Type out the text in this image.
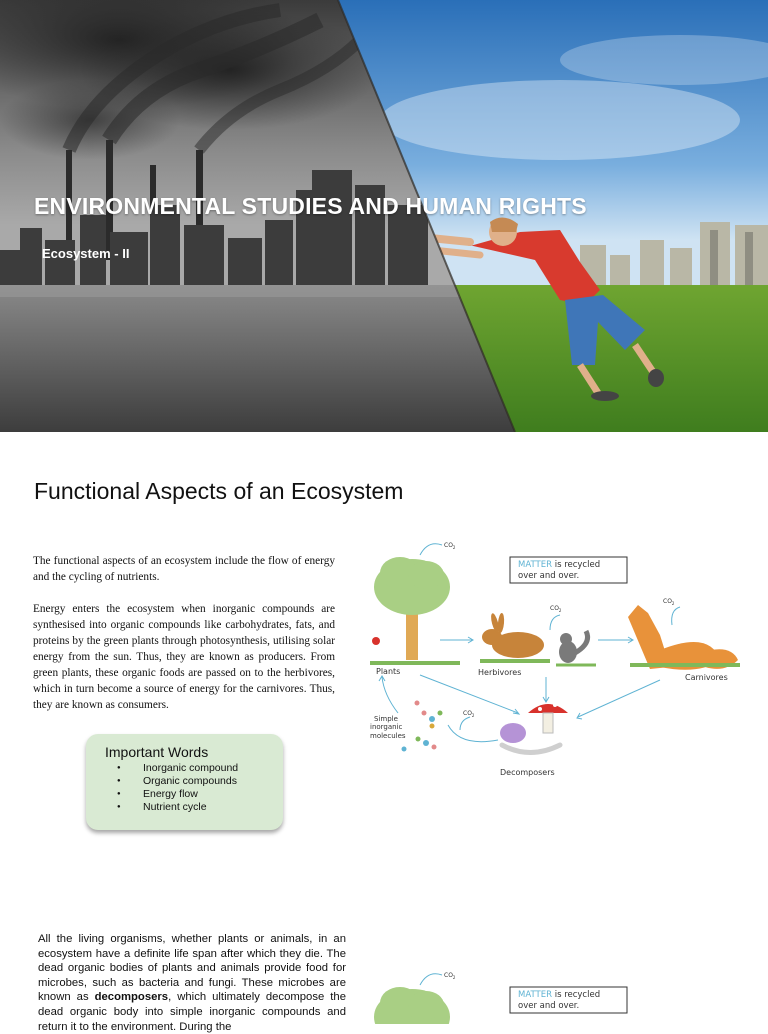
ENVIRONMENTAL STUDIES AND HUMAN RIGHTS
Ecosystem - II
Functional Aspects of an Ecosystem

The functional aspects of an ecosystem include the flow of energy and the cycling of nutrients.

Energy enters the ecosystem when inorganic compounds are synthesised into organic compounds like carbohydrates, fats, and proteins by the green plants through photosynthesis, utilising solar energy from the sun. Thus, they are known as producers. From green plants, these organic foods are passed on to the herbivores, which in turn become a source of energy for the carnivores. Thus, they are known as consumers.

Important Words
● Inorganic compound
● Organic compounds
● Energy flow
● Nutrient cycle

All the living organisms, whether plants or animals, in an ecosystem have a definite life span after which they die. The dead organic bodies of plants and animals provide food for microbes, such as bacteria and fungi. These microbes are known as decomposers, which ultimately decompose the dead organic body into simple inorganic compounds and return it to the environment. During the

MATTER is recycled
over and over.
$CO_2$
$CO_2$
$CO_2$
$CO_2$
Plants	Herbivores
Carnivores
Decomposers
Simple
inorganic
molecules
MATTER is recycled
over and over.
$CO_2$
